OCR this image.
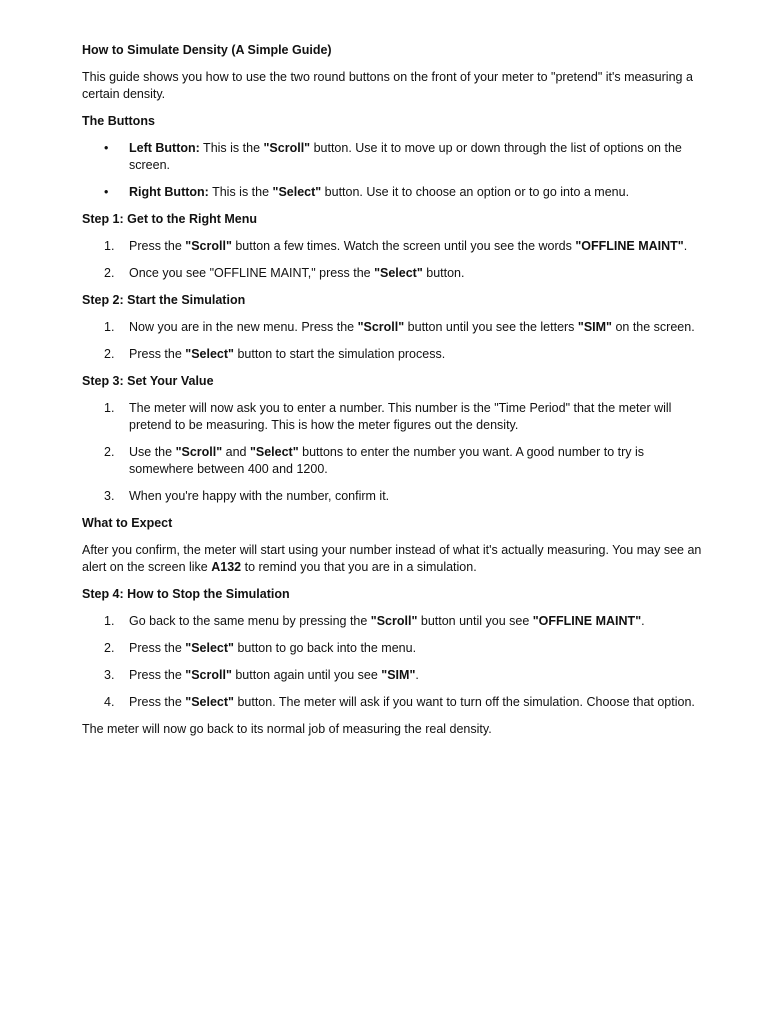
How to Simulate Density (A Simple Guide)

This guide shows you how to use the two round buttons on the front of your meter to "pretend" it's measuring a certain density.

The Buttons
•	Left Button: This is the "Scroll" button. Use it to move up or down through the list of options on the screen.
•	Right Button: This is the "Select" button. Use it to choose an option or to go into a menu.
Step 1: Get to the Right Menu
1.	Press the "Scroll" button a few times. Watch the screen until you see the words "OFFLINE MAINT".
2.	Once you see "OFFLINE MAINT," press the "Select" button.
Step 2: Start the Simulation
1.	Now you are in the new menu. Press the "Scroll" button until you see the letters "SIM" on the screen.
2.	Press the "Select" button to start the simulation process.
Step 3: Set Your Value
1.	The meter will now ask you to enter a number. This number is the "Time Period" that the meter will pretend to be measuring. This is how the meter figures out the density.
2.	Use the "Scroll" and "Select" buttons to enter the number you want. A good number to try is somewhere between 400 and 1200.
3.	When you're happy with the number, confirm it.
What to Expect

After you confirm, the meter will start using your number instead of what it's actually measuring. You may see an alert on the screen like A132 to remind you that you are in a simulation.

Step 4: How to Stop the Simulation
1.	Go back to the same menu by pressing the "Scroll" button until you see "OFFLINE MAINT".
2.	Press the "Select" button to go back into the menu.
3.	Press the "Scroll" button again until you see "SIM".
4.	Press the "Select" button. The meter will ask if you want to turn off the simulation. Choose that option.

The meter will now go back to its normal job of measuring the real density.
